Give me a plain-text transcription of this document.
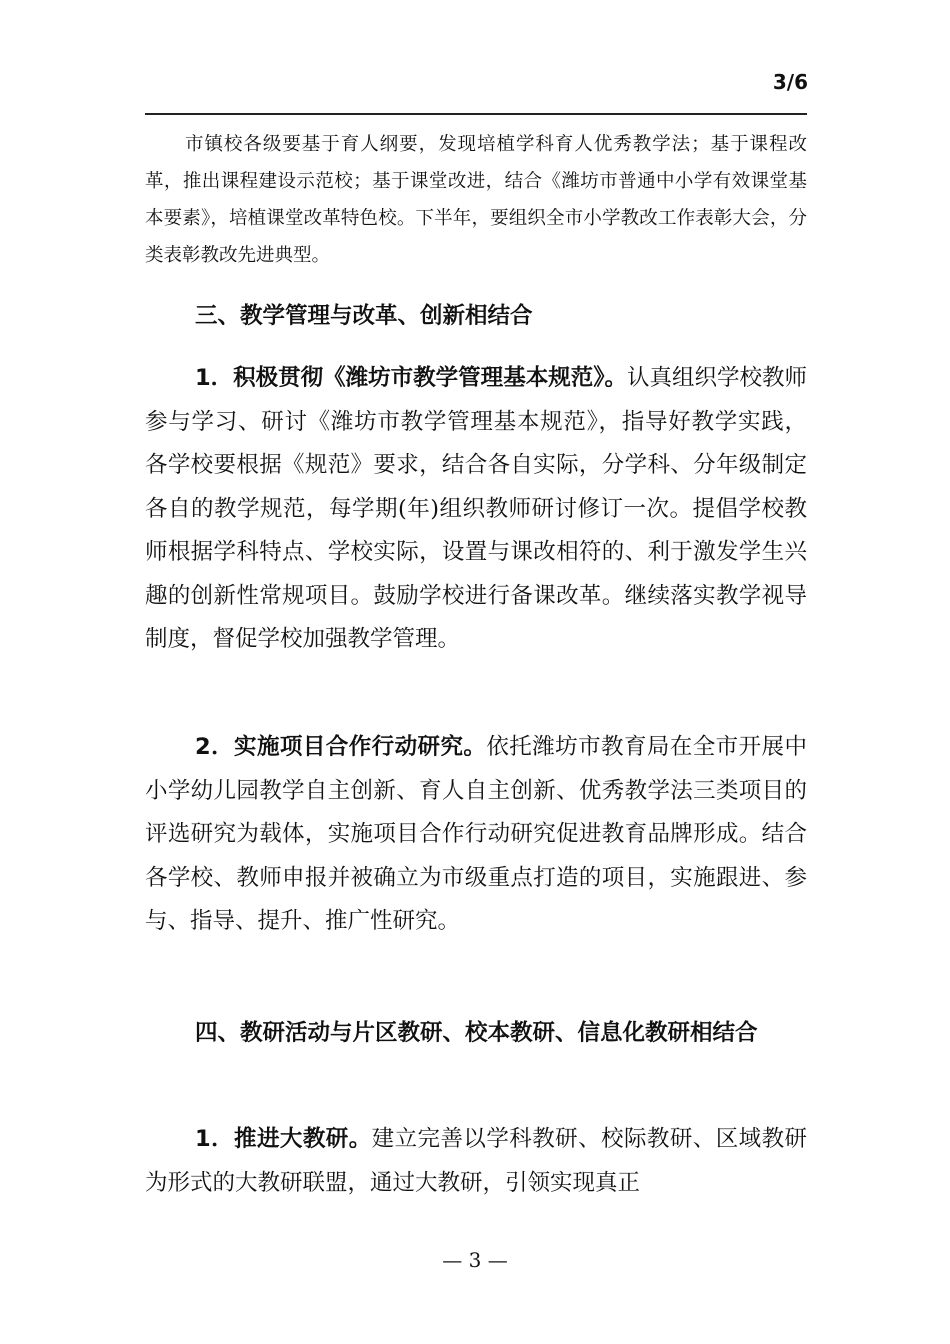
3/6

市镇校各级要基于育人纲要，发现培植学科育人优秀教学法；基于课程改革，推出课程建设示范校；基于课堂改进，结合《潍坊市普通中小学有效课堂基本要素》，培植课堂改革特色校。下半年，要组织全市小学教改工作表彰大会，分类表彰教改先进典型。

三、教学管理与改革、创新相结合

1．积极贯彻《潍坊市教学管理基本规范》。认真组织学校教师参与学习、研讨《潍坊市教学管理基本规范》，指导好教学实践，各学校要根据《规范》要求，结合各自实际，分学科、分年级制定各自的教学规范，每学期(年)组织教师研讨修订一次。提倡学校教师根据学科特点、学校实际，设置与课改相符的、利于激发学生兴趣的创新性常规项目。鼓励学校进行备课改革。继续落实教学视导制度，督促学校加强教学管理。

2．实施项目合作行动研究。依托潍坊市教育局在全市开展中小学幼儿园教学自主创新、育人自主创新、优秀教学法三类项目的评选研究为载体，实施项目合作行动研究促进教育品牌形成。结合各学校、教师申报并被确立为市级重点打造的项目，实施跟进、参与、指导、提升、推广性研究。

四、教研活动与片区教研、校本教研、信息化教研相结合

1．推进大教研。建立完善以学科教研、校际教研、区域教研为形式的大教研联盟，通过大教研，引领实现真正

— 3 —
